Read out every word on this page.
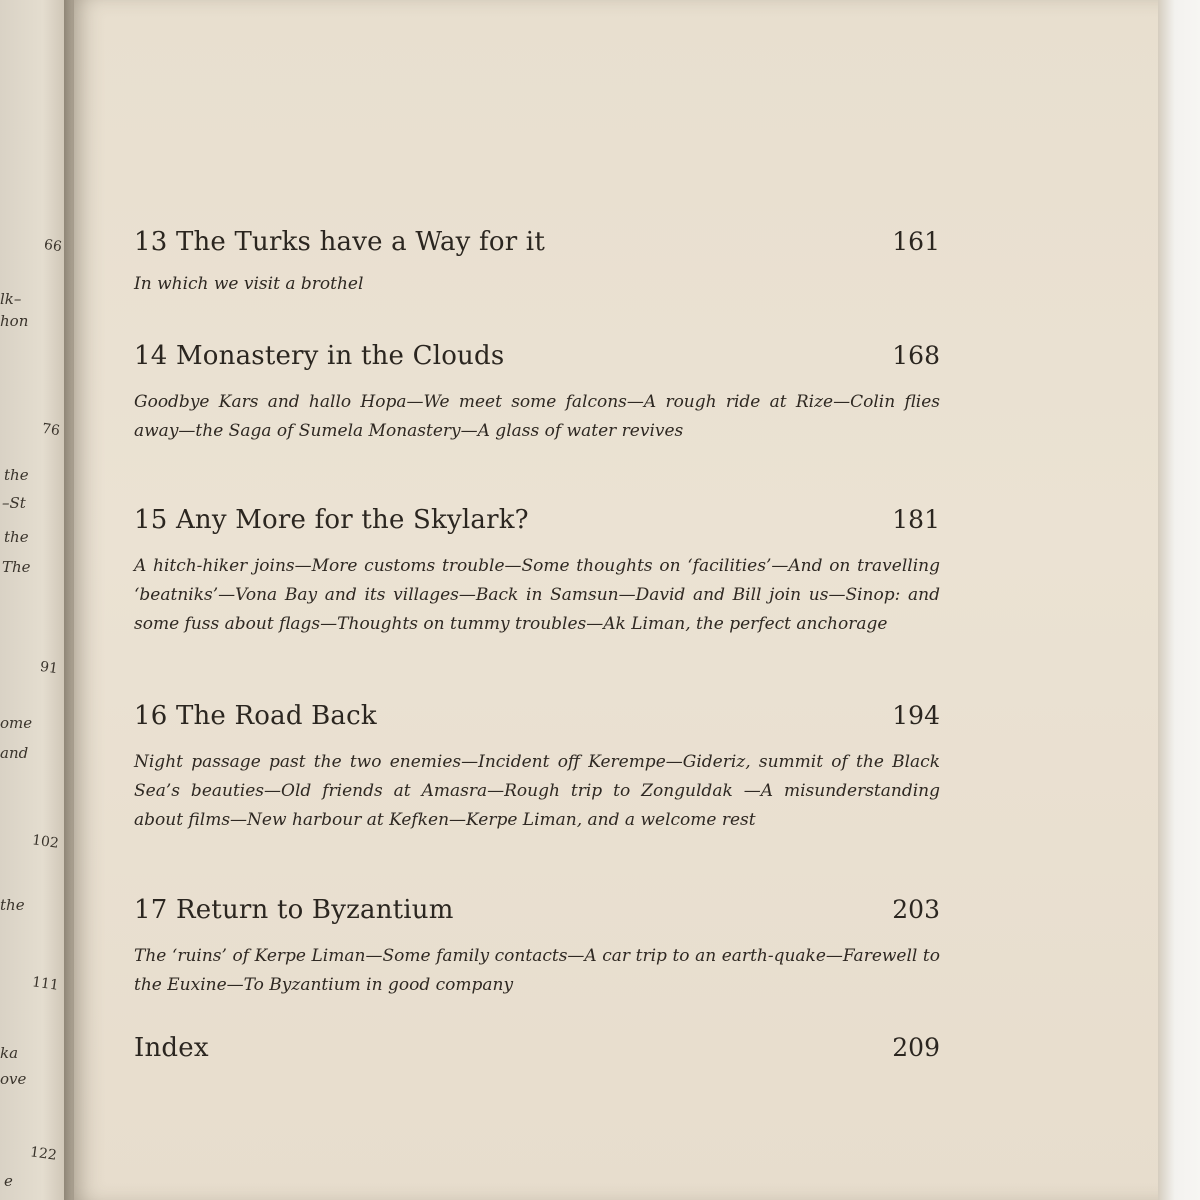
66
76
91
102
111
122
lk–
hon
the
–St
the
The
ome
and
the
ka
ove
e
13 The Turks have a Way for it	161
In which we visit a brothel
14 Monastery in the Clouds	168
Goodbye Kars and hallo Hopa—We meet some falcons—A rough ride at Rize—Colin flies away—the Saga of Sumela Monastery—A glass of water revives
15 Any More for the Skylark?	181
A hitch-hiker joins—More customs trouble—Some thoughts on ‘facilities’—And on travelling ‘beatniks’—Vona Bay and its villages—Back in Samsun—David and Bill join us—Sinop: and some fuss about flags—Thoughts on tummy troubles—Ak Liman, the perfect anchorage
16 The Road Back	194
Night passage past the two enemies—Incident off Kerempe—Gideriz, summit of the Black Sea’s beauties—Old friends at Amasra—Rough trip to Zonguldak —A misunderstanding about films—New harbour at Kefken—Kerpe Liman, and a welcome rest
17 Return to Byzantium	203
The ‘ruins’ of Kerpe Liman—Some family contacts—A car trip to an earth-quake—Farewell to the Euxine—To Byzantium in good company
Index	209
